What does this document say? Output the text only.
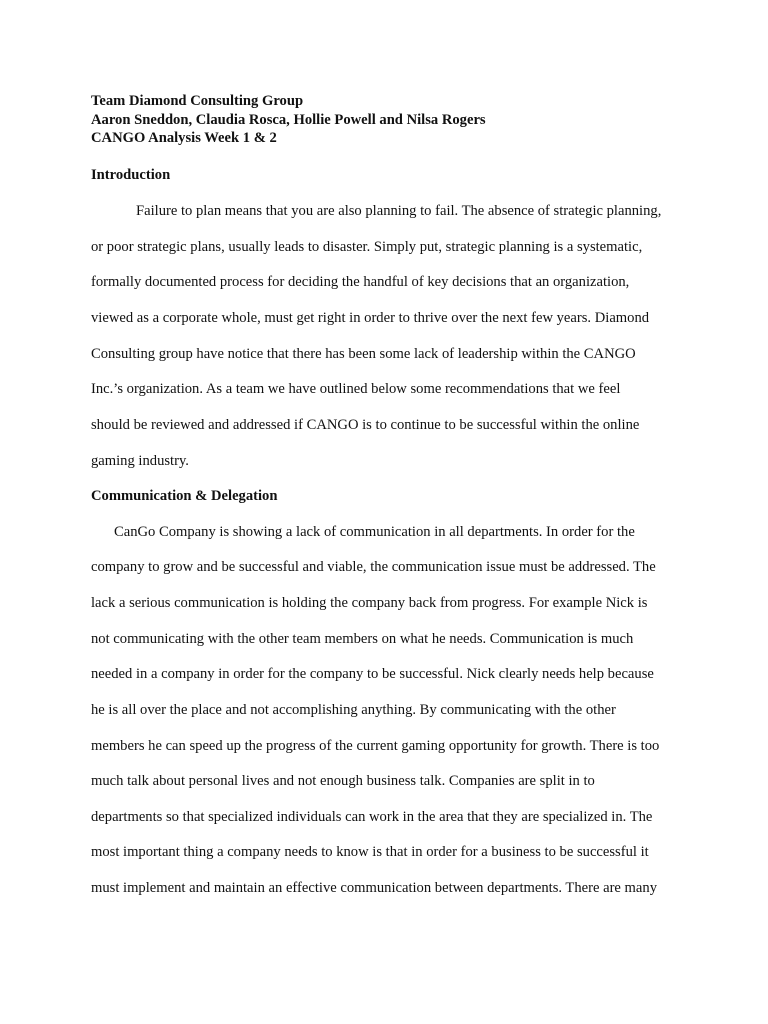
Team Diamond Consulting Group
Aaron Sneddon, Claudia Rosca, Hollie Powell and Nilsa Rogers
CANGO Analysis Week 1 & 2
Introduction
Failure to plan means that you are also planning to fail. The absence of strategic planning,
or poor strategic plans, usually leads to disaster. Simply put, strategic planning is a systematic,
formally documented process for deciding the handful of key decisions that an organization,
viewed as a corporate whole, must get right in order to thrive over the next few years. Diamond
Consulting group have notice that there has been some lack of leadership within the CANGO
Inc.’s organization. As a team we have outlined below some recommendations that we feel
should be reviewed and addressed if CANGO is to continue to be successful within the online
gaming industry.
Communication & Delegation
CanGo Company is showing a lack of communication in all departments. In order for the
company to grow and be successful and viable, the communication issue must be addressed. The
lack a serious communication is holding the company back from progress. For example Nick is
not communicating with the other team members on what he needs. Communication is much
needed in a company in order for the company to be successful. Nick clearly needs help because
he is all over the place and not accomplishing anything. By communicating with the other
members he can speed up the progress of the current gaming opportunity for growth. There is too
much talk about personal lives and not enough business talk. Companies are split in to
departments so that specialized individuals can work in the area that they are specialized in. The
most important thing a company needs to know is that in order for a business to be successful it
must implement and maintain an effective communication between departments. There are many
